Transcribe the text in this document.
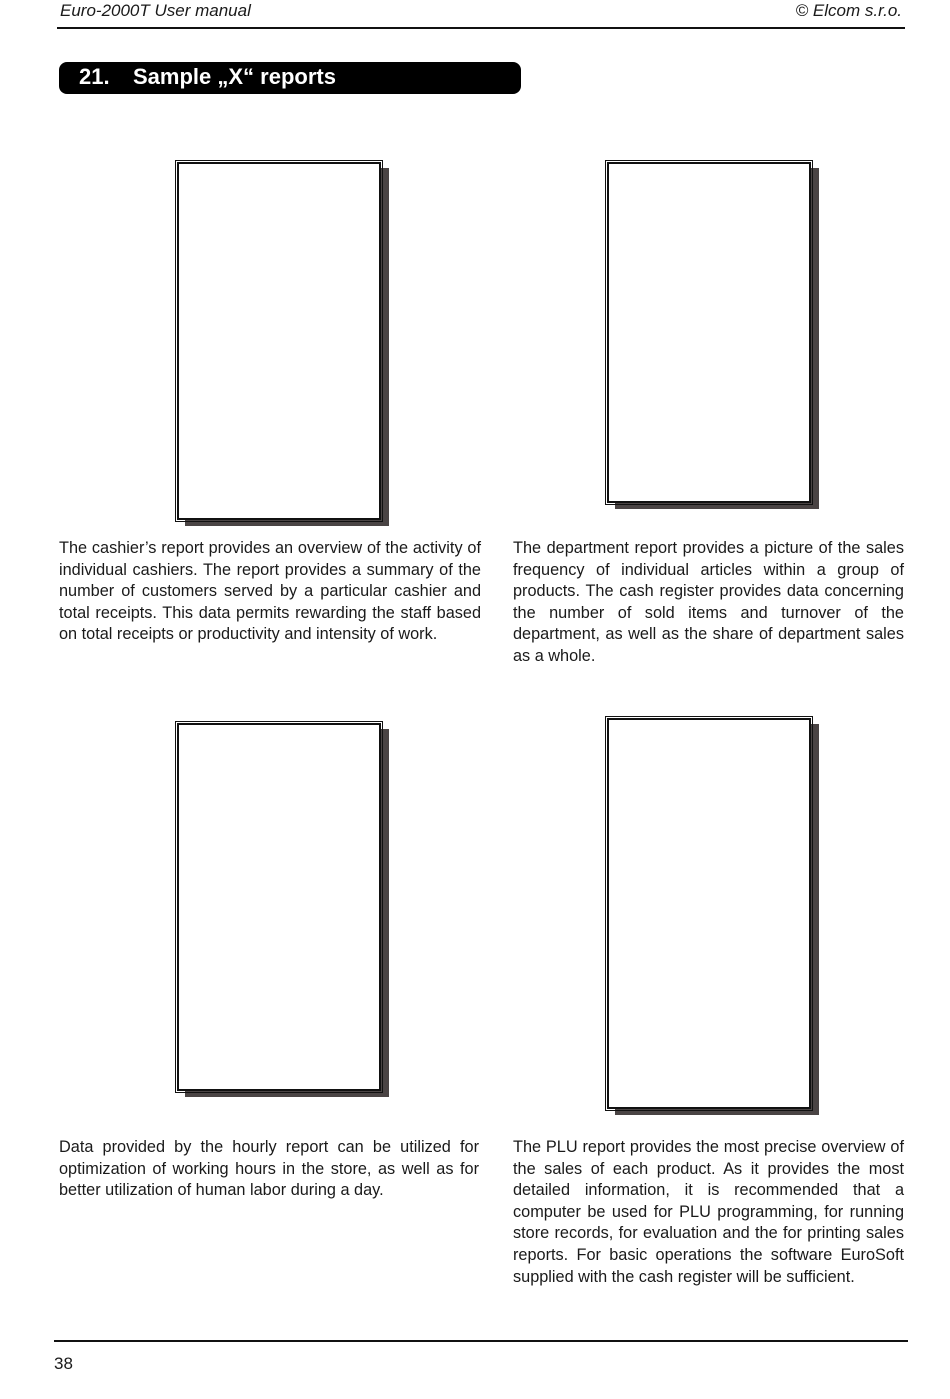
Euro-2000T User manual	© Elcom s.r.o.
21. Sample „X“ reports

The cashier’s report provides an overview of the activity of individual cashiers. The report provides a summary of the number of customers served by a particular cashier and total receipts. This data permits rewarding the staff based on total receipts or productivity and intensity of work.

The department report provides a picture of the sales frequency of individual articles within a group of products. The cash register provides data concerning the number of sold items and turnover of the department, as well as the share of department sales as a whole.

Data provided by the hourly report can be utilized for optimization of working hours in the store, as well as for better utilization of human labor during a day.

The PLU report provides the most precise overview of the sales of each product. As it provides the most detailed information, it is recommended that a computer be used for PLU programming, for running store records, for evaluation and the for printing sales reports. For basic operations the software EuroSoft supplied with the cash register will be sufficient.

38
